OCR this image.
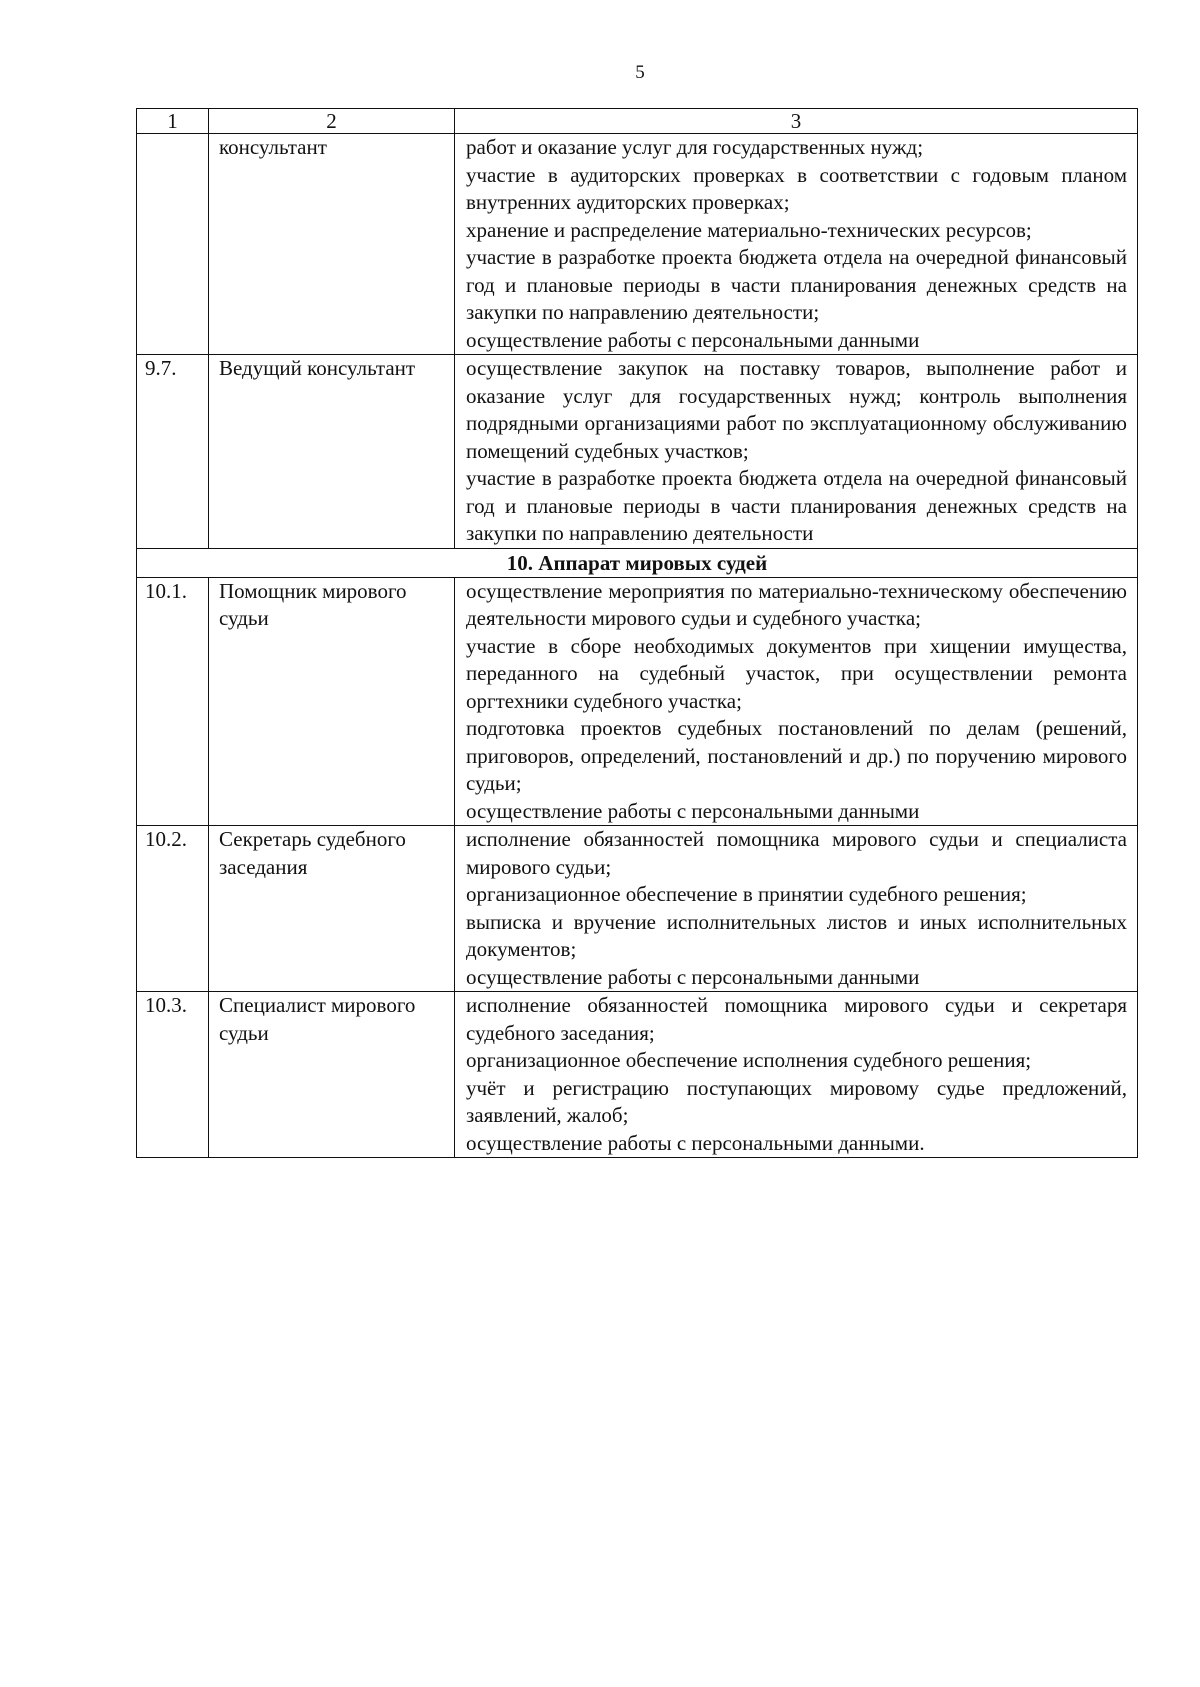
5
1	2	3
	консультант	работ и оказание услуг для государственных нужд;
участие в аудиторских проверках в соответствии с годовым планом внутренних аудиторских проверках;
хранение и распределение материально-технических ресурсов;
участие в разработке проекта бюджета отдела на очередной финансовый год и плановые периоды в части планирования денежных средств на закупки по направлению деятельности;
осуществление работы с персональными данными

9.7.	Ведущий консультант	осуществление закупок на поставку товаров, выполнение работ и оказание услуг для государственных нужд; контроль выполнения подрядными организациями работ по эксплуатационному обслуживанию помещений судебных участков;
участие в разработке проекта бюджета отдела на очередной финансовый год и плановые периоды в части планирования денежных средств на закупки по направлению деятельности

10. Аппарат мировых судей		
10.1.	Помощник мирового судьи	осуществление мероприятия по материально-техническому обеспечению деятельности мирового судьи и судебного участка;
участие в сборе необходимых документов при хищении имущества, переданного на судебный участок, при осуществлении ремонта оргтехники судебного участка;
подготовка проектов судебных постановлений по делам (решений, приговоров, определений, постановлений и др.) по поручению мирового судьи;
осуществление работы с персональными данными

10.2.	Секретарь судебного заседания	исполнение обязанностей помощника мирового судьи и специалиста мирового судьи;
организационное обеспечение в принятии судебного решения;
выписка и вручение исполнительных листов и иных исполнительных документов;
осуществление работы с персональными данными

10.3.	Специалист мирового судьи	исполнение обязанностей помощника мирового судьи и секретаря судебного заседания;
организационное обеспечение исполнения судебного решения;
учёт и регистрацию поступающих мировому судье предложений, заявлений, жалоб;
осуществление работы с персональными данными.
